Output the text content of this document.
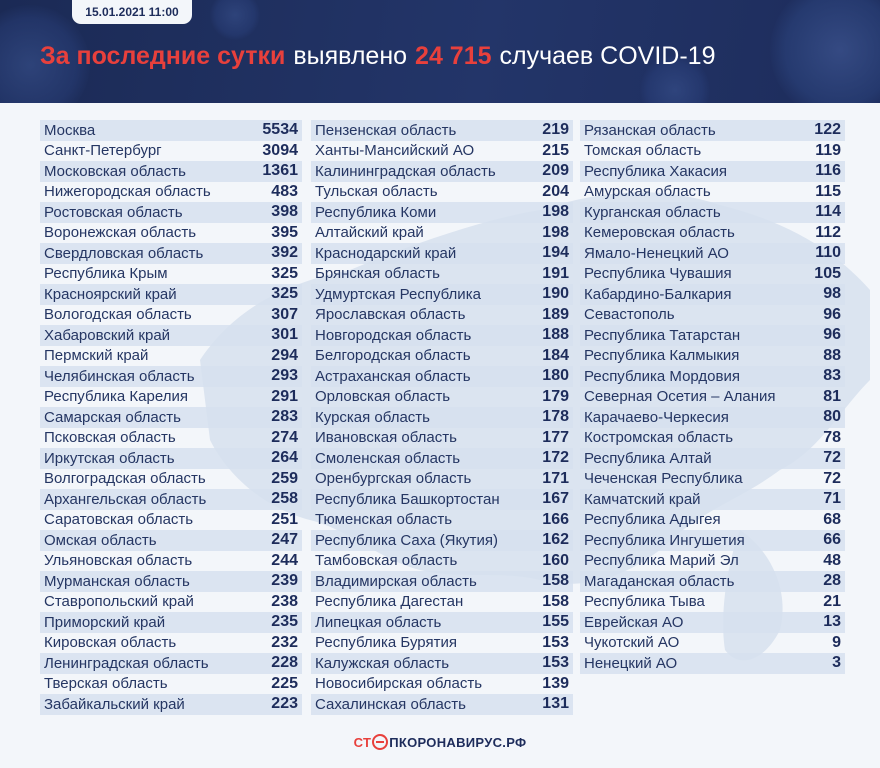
15.01.2021 11:00
За последние сутки выявлено 24 715 случаев COVID-19
Москва	5534
Санкт-Петербург	3094
Московская область	1361
Нижегородская область	483
Ростовская область	398
Воронежская область	395
Свердловская область	392
Республика Крым	325
Красноярский край	325
Вологодская область	307
Хабаровский край	301
Пермский край	294
Челябинская область	293
Республика Карелия	291
Самарская область	283
Псковская область	274
Иркутская область	264
Волгоградская область	259
Архангельская область	258
Саратовская область	251
Омская область	247
Ульяновская область	244
Мурманская область	239
Ставропольский край	238
Приморский край	235
Кировская область	232
Ленинградская область	228
Тверская область	225
Забайкальский край	223
Пензенская область	219
Ханты-Мансийский АО	215
Калининградская область	209
Тульская область	204
Республика Коми	198
Алтайский край	198
Краснодарский край	194
Брянская область	191
Удмуртская Республика	190
Ярославская область	189
Новгородская область	188
Белгородская область	184
Астраханская область	180
Орловская область	179
Курская область	178
Ивановская область	177
Смоленская область	172
Оренбургская область	171
Республика Башкортостан	167
Тюменская область	166
Республика Саха (Якутия)	162
Тамбовская область	160
Владимирская область	158
Республика Дагестан	158
Липецкая область	155
Республика Бурятия	153
Калужская область	153
Новосибирская область	139
Сахалинская область	131
Рязанская область	122
Томская область	119
Республика Хакасия	116
Амурская область	115
Курганская область	114
Кемеровская область	112
Ямало-Ненецкий АО	110
Республика Чувашия	105
Кабардино-Балкария	98
Севастополь	96
Республика Татарстан	96
Республика Калмыкия	88
Республика Мордовия	83
Северная Осетия – Алания	81
Карачаево-Черкесия	80
Костромская область	78
Республика Алтай	72
Чеченская Республика	72
Камчатский край	71
Республика Адыгея	68
Республика Ингушетия	66
Республика Марий Эл	48
Магаданская область	28
Республика Тыва	21
Еврейская АО	13
Чукотский АО	9
Ненецкий АО	3
СТ ПКОРОНАВИРУС.РФ
